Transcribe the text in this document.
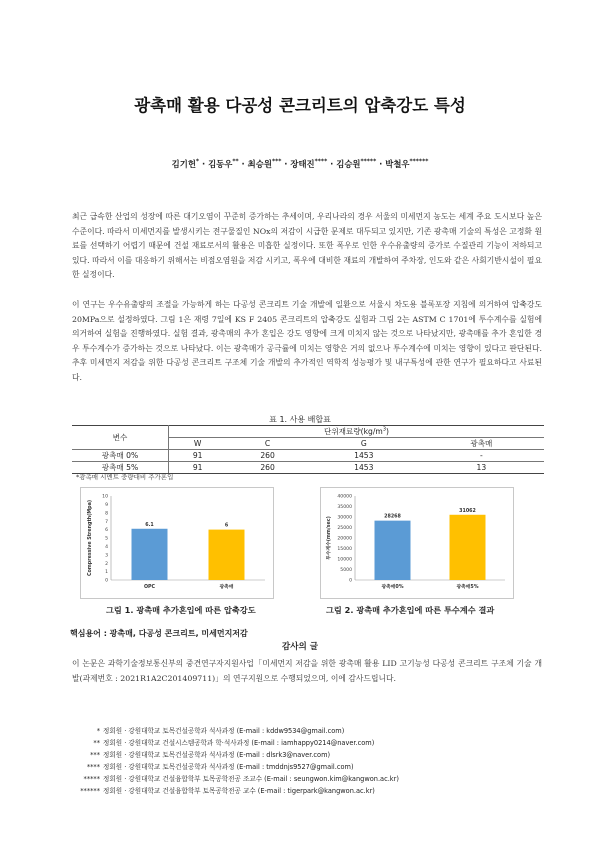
광촉매 활용 다공성 콘크리트의 압축강도 특성
김기헌* · 김동우** · 최승원*** · 장태진**** · 김승원***** · 박철우******

최근 급속한 산업의 성장에 따른 대기오염이 꾸준히 증가하는 추세이며, 우리나라의 경우 서울의 미세먼지 농도는 세계 주요 도시보다 높은 수준이다. 따라서 미세먼지를 발생시키는 전구물질인 NOx의 저감이 시급한 문제로 대두되고 있지만, 기존 광촉매 기술의 특성은 고정화 원료를 선택하기 어렵기 때문에 건설 재료로서의 활용은 미흡한 실정이다. 또한 폭우로 인한 우수유출량의 증가로 수질관리 기능이 저하되고 있다. 따라서 이를 대응하기 위해서는 비점오염원을 저감 시키고, 폭우에 대비한 재료의 개발하여 주차장, 인도와 같은 사회기반시설이 필요한 실정이다.

이 연구는 우수유출량의 조절을 가능하게 하는 다공성 콘크리트 기술 개발에 일환으로 서울시 차도용 블록포장 지침에 의거하여 압축강도 20MPa으로 설정하였다. 그림 1은 재령 7일에 KS F 2405 콘크리트의 압축강도 실험과 그림 2는 ASTM C 1701에 투수계수를 실험에 의거하여 실험을 진행하였다. 실험 결과, 광촉매의 추가 혼입은 강도 영향에 크게 미치지 않는 것으로 나타났지만, 광촉매를 추가 혼입한 경우 투수계수가 증가하는 것으로 나타났다. 이는 광촉매가 공극률에 미치는 영향은 거의 없으나 투수계수에 미치는 영향이 있다고 판단된다. 추후 미세먼지 저감을 위한 다공성 콘크리트 구조체 기술 개발의 추가적인 역학적 성능평가 및 내구특성에 관한 연구가 필요하다고 사료된다.

표 1. 사용 배합표
변수	단위재료량$(kg/m^3)$			
	W	C	G	광촉매
광촉매 0%	91	260	1453	-
광촉매 5%	91	260	1453	13
*광촉매 시멘트 중량대비 추가혼입
0
1
2
3
4
5
6
7
8
9
10
Compressive Strength(Mpa)	6.1
OPC
6
광촉매
0
5000
10000
15000
20000
25000
30000
35000
40000
투수계수(mm/sec)	28268
광촉매0%
31062
광촉매5%
그림 1. 광촉매 추가혼입에 따른 압축강도	그림 2. 광촉매 추가혼입에 따른 투수계수 결과
핵심용어 : 광촉매, 다공성 콘크리트, 미세먼지저감
감사의 글

이 논문은 과학기술정보통신부의 중견연구자지원사업「미세먼지 저감을 위한 광촉매 활용 LID 고기능성 다공성 콘크리트 구조체 기술 개발(과제번호 : 2021R1A2C201409711)」의 연구지원으로 수행되었으며, 이에 감사드립니다.

* 정회원 · 강원대학교 토목건설공학과 석사과정 (E-mail : kddw9534@gmail.com)
** 정회원 · 강원대학교 건설시스템공학과 학·석사과정 (E-mail : iamhappy0214@naver.com)
*** 정회원 · 강원대학교 토목건설공학과 석사과정 (E-mail : dlsrk3@naver.com)
**** 정회원 · 강원대학교 토목건설공학과 석사과정 (E-mail : tmddnjs9527@gmail.com)
***** 정회원 · 강원대학교 건설융합학부 토목공학전공 조교수 (E-mail : seungwon.kim@kangwon.ac.kr)
****** 정회원 · 강원대학교 건설융합학부 토목공학전공 교수 (E-mail : tigerpark@kangwon.ac.kr)
